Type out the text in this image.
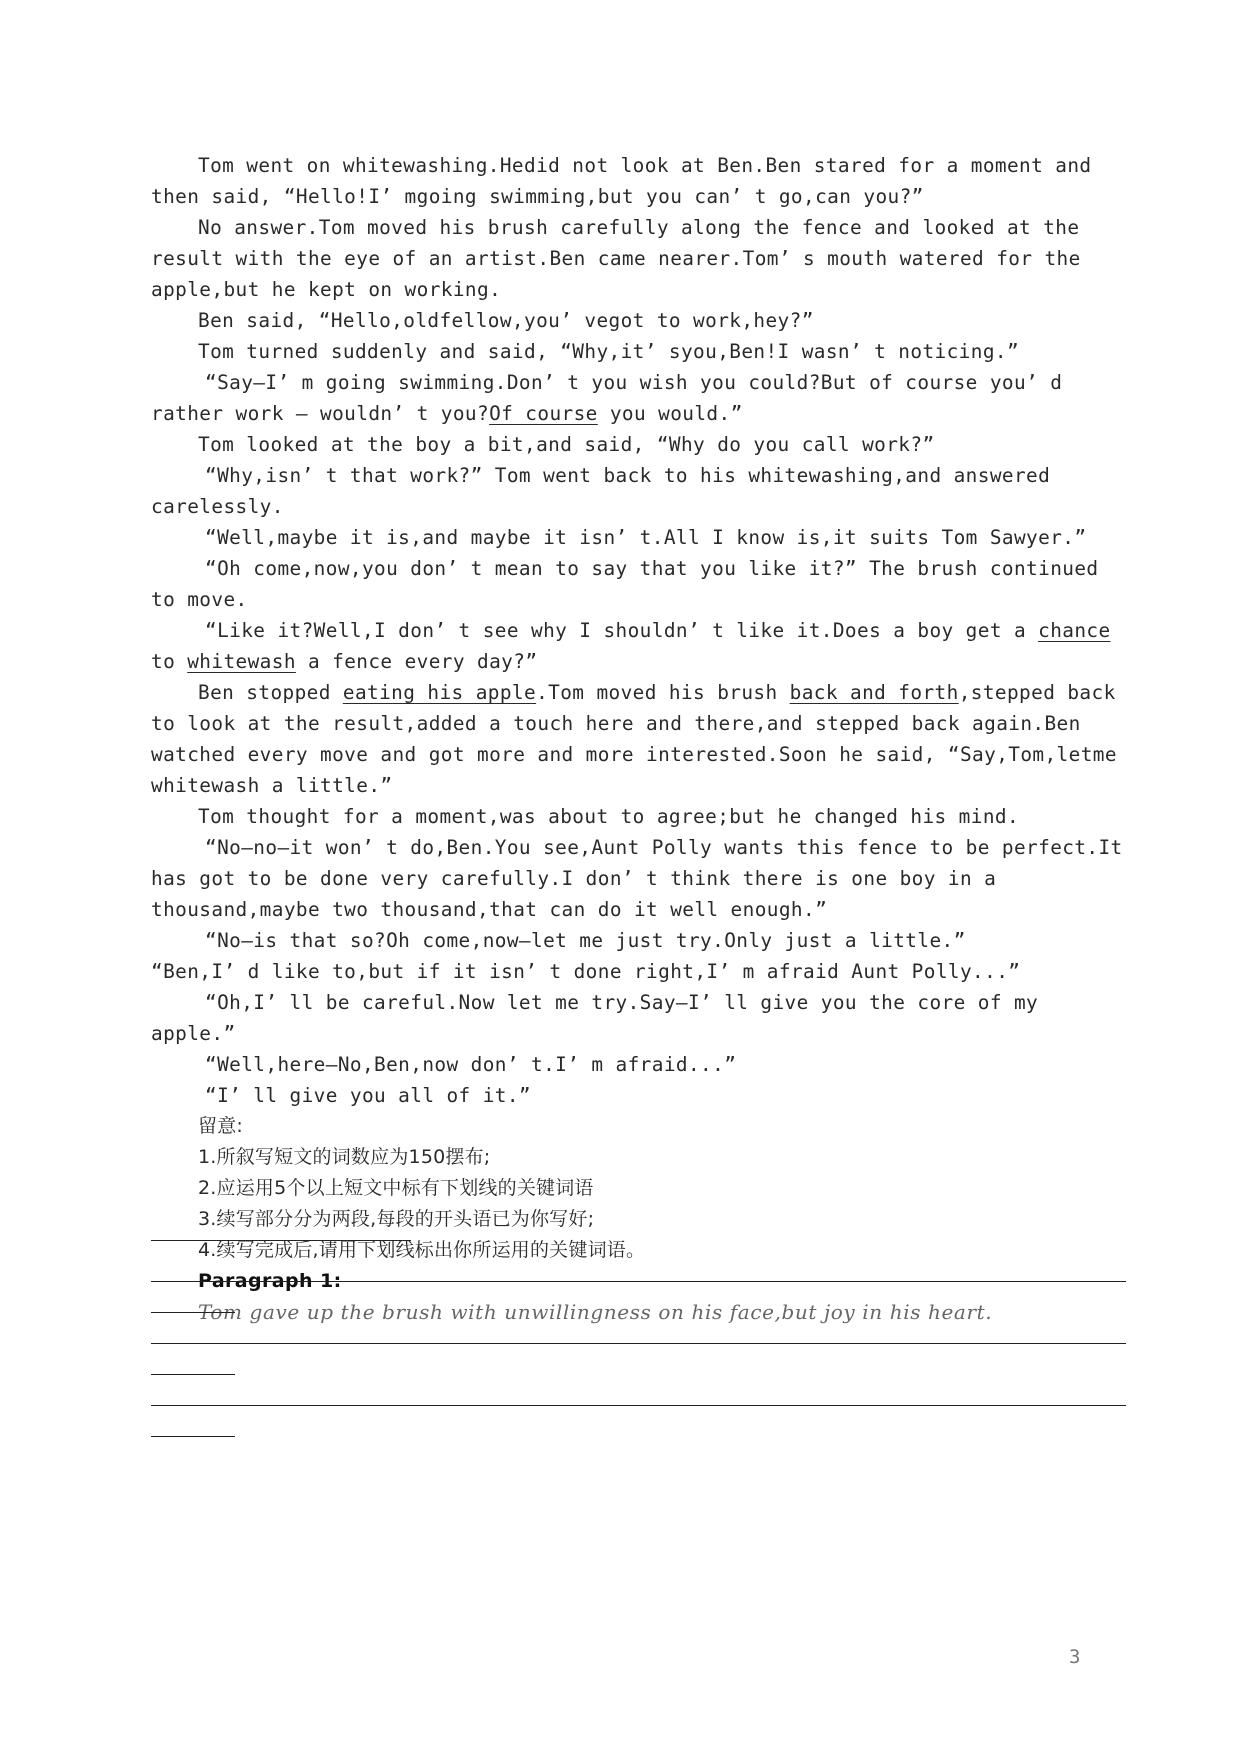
Tom went on whitewashing.Hedid not look at Ben.Ben stared for a moment and then said, “Hello!I’ mgoing swimming,but you can’ t go,can you?”

No answer.Tom moved his brush carefully along the fence and looked at the result with the eye of an artist.Ben came nearer.Tom’ s mouth watered for the apple,but he kept on working.

Ben said, “Hello,oldfellow,you’ vegot to work,hey?”

Tom turned suddenly and said, “Why,it’ syou,Ben!I wasn’ t noticing.”

“Say—I’ m going swimming.Don’ t you wish you could?But of course you’ d rather work — wouldn’ t you?Of course you would.”

Tom looked at the boy a bit,and said, “Why do you call work?”

“Why,isn’ t that work?” Tom went back to his whitewashing,and answered carelessly.

“Well,maybe it is,and maybe it isn’ t.All I know is,it suits Tom Sawyer.”

“Oh come,now,you don’ t mean to say that you like it?” The brush continued to move.

“Like it?Well,I don’ t see why I shouldn’ t like it.Does a boy get a chance to whitewash a fence every day?”

Ben stopped eating his apple.Tom moved his brush back and forth,stepped back to look at the result,added a touch here and there,and stepped back again.Ben watched every move and got more and more interested.Soon he said, “Say,Tom,letme whitewash a little.”

Tom thought for a moment,was about to agree;but he changed his mind.

“No—no—it won’ t do,Ben.You see,Aunt Polly wants this fence to be perfect.It has got to be done very carefully.I don’ t think there is one boy in a thousand,maybe two thousand,that can do it well enough.”

“No—is that so?Oh come,now—let me just try.Only just a little.”

“Ben,I’ d like to,but if it isn’ t done right,I’ m afraid Aunt Polly...”

“Oh,I’ ll be careful.Now let me try.Say—I’ ll give you the core of my apple.”

“Well,here—No,Ben,now don’ t.I’ m afraid...”

“I’ ll give you all of it.”

留意:

1.所叙写短文的词数应为150摆布;

2.应运用5个以上短文中标有下划线的关键词语

3.续写部分分为两段,每段的开头语已为你写好;

4.续写完成后,请用下划线标出你所运用的关键词语。

Paragraph 1:

Tom gave up the brush with unwillingness on his face,but joy in his heart.

3
